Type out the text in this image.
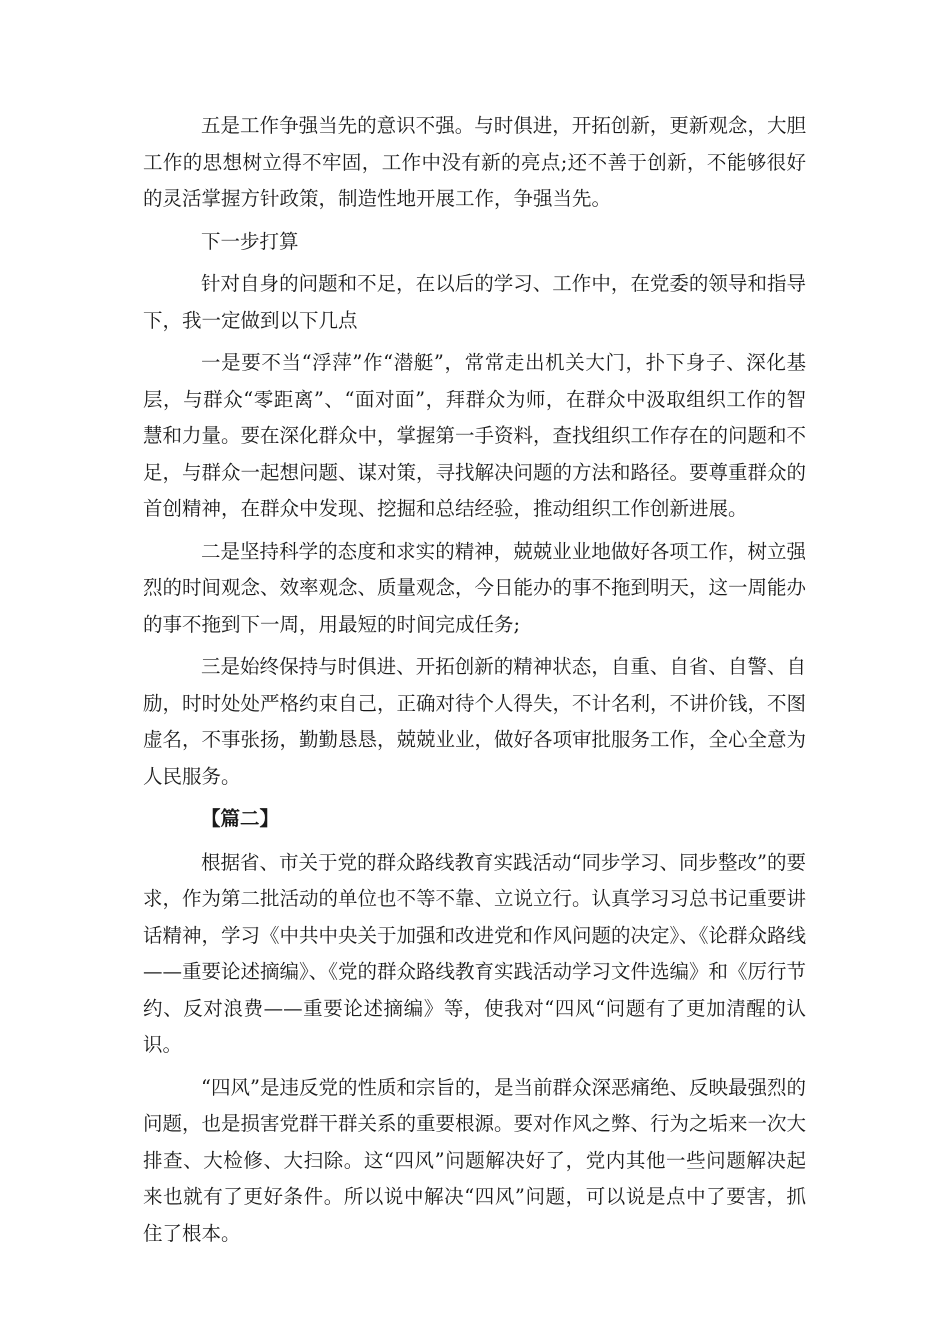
五是工作争强当先的意识不强。与时俱进，开拓创新，更新观念，大胆工作的思想树立得不牢固，工作中没有新的亮点;还不善于创新，不能够很好的灵活掌握方针政策，制造性地开展工作，争强当先。

下一步打算

针对自身的问题和不足，在以后的学习、工作中，在党委的领导和指导下，我一定做到以下几点

一是要不当“浮萍”作“潜艇”，常常走出机关大门，扑下身子、深化基层，与群众“零距离”、“面对面”，拜群众为师，在群众中汲取组织工作的智慧和力量。要在深化群众中，掌握第一手资料，查找组织工作存在的问题和不足，与群众一起想问题、谋对策，寻找解决问题的方法和路径。要尊重群众的首创精神，在群众中发现、挖掘和总结经验，推动组织工作创新进展。

二是坚持科学的态度和求实的精神，兢兢业业地做好各项工作，树立强烈的时间观念、效率观念、质量观念，今日能办的事不拖到明天，这一周能办的事不拖到下一周，用最短的时间完成任务;

三是始终保持与时俱进、开拓创新的精神状态，自重、自省、自警、自励，时时处处严格约束自己，正确对待个人得失，不计名利，不讲价钱，不图虚名，不事张扬，勤勤恳恳，兢兢业业，做好各项审批服务工作，全心全意为人民服务。

【篇二】

根据省、市关于党的群众路线教育实践活动“同步学习、同步整改”的要求，作为第二批活动的单位也不等不靠、立说立行。认真学习习总书记重要讲话精神，学习《中共中央关于加强和改进党和作风问题的决定》、《论群众路线——重要论述摘编》、《党的群众路线教育实践活动学习文件选编》和《厉行节约、反对浪费——重要论述摘编》等，使我对“四风“问题有了更加清醒的认识。

“四风”是违反党的性质和宗旨的，是当前群众深恶痛绝、反映最强烈的问题，也是损害党群干群关系的重要根源。要对作风之弊、行为之垢来一次大排查、大检修、大扫除。这“四风”问题解决好了，党内其他一些问题解决起来也就有了更好条件。所以说中解决“四风”问题，可以说是点中了要害，抓住了根本。
